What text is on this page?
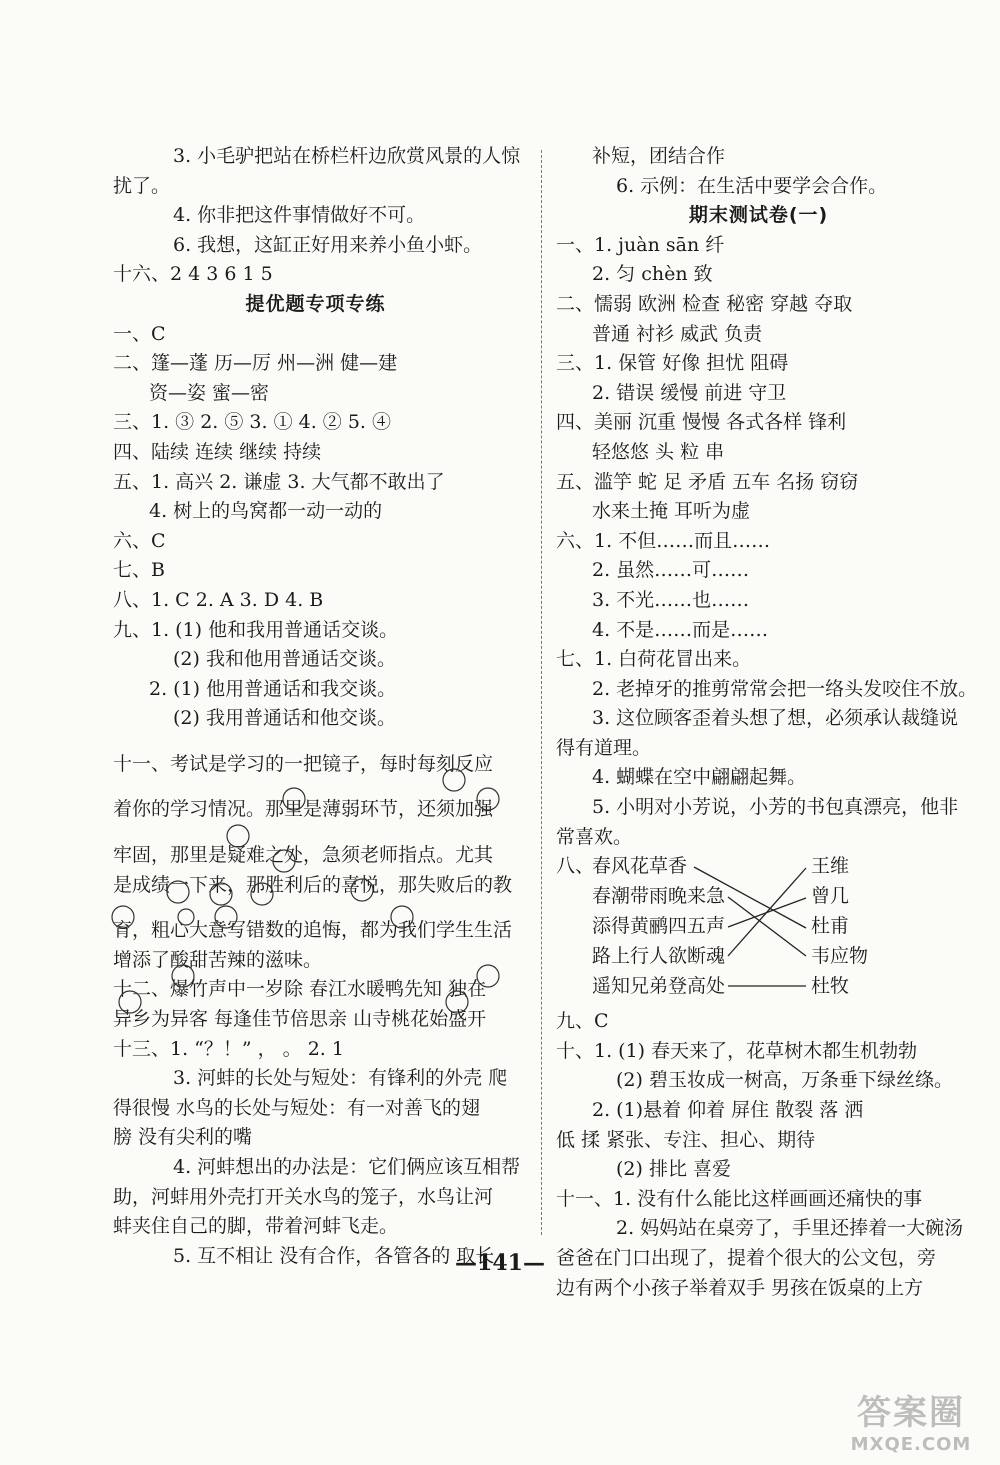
3. 小毛驴把站在桥栏杆边欣赏风景的人惊
扰了。
4. 你非把这件事情做好不可。
6. 我想，这缸正好用来养小鱼小虾。
十六、2 4 3 6 1 5
提优题专项专练
一、C
二、篷—蓬 历—厉 州—洲 健—建
资—姿 蜜—密
三、1. ③ 2. ⑤ 3. ① 4. ② 5. ④
四、陆续 连续 继续 持续
五、1. 高兴 2. 谦虚 3. 大气都不敢出了
4. 树上的鸟窝都一动一动的
六、C
七、B
八、1. C 2. A 3. D 4. B
九、1. (1) 他和我用普通话交谈。
(2) 我和他用普通话交谈。
2. (1) 他用普通话和我交谈。
(2) 我用普通话和他交谈。
十一、考试是学习的一把镜子，每时每刻反应
着你的学习情况。那里是薄弱环节，还须加强
牢固，那里是疑难之处，急须老师指点。尤其
是成绩一下来，那胜利后的喜悦，那失败后的教
育，粗心大意写错数的追悔，都为我们学生生活
增添了酸甜苦辣的滋味。
十二、爆竹声中一岁除 春江水暖鸭先知 独在
异乡为异客 每逢佳节倍思亲 山寺桃花始盛开
十三、1. “？！” ， 。 2. 1
3. 河蚌的长处与短处：有锋利的外壳 爬
得很慢 水鸟的长处与短处：有一对善飞的翅
膀 没有尖利的嘴
4. 河蚌想出的办法是：它们俩应该互相帮
助，河蚌用外壳打开关水鸟的笼子，水鸟让河
蚌夹住自己的脚，带着河蚌飞走。
5. 互不相让 没有合作，各管各的 取长
补短，团结合作
6. 示例：在生活中要学会合作。
期末测试卷(一)
一、1. juàn sān 纤
2. 匀 chèn 致
二、懦弱 欧洲 检查 秘密 穿越 夺取
普通 衬衫 威武 负责
三、1. 保管 好像 担忧 阻碍
2. 错误 缓慢 前进 守卫
四、美丽 沉重 慢慢 各式各样 锋利
轻悠悠 头 粒 串
五、滥竽 蛇 足 矛盾 五车 名扬 窃窃
水来土掩 耳听为虚
六、1. 不但……而且……
2. 虽然……可……
3. 不光……也……
4. 不是……而是……
七、1. 白荷花冒出来。
2. 老掉牙的推剪常常会把一络头发咬住不放。
3. 这位顾客歪着头想了想，必须承认裁缝说
得有道理。
4. 蝴蝶在空中翩翩起舞。
5. 小明对小芳说，小芳的书包真漂亮，他非
常喜欢。
八、
春风花草香
春潮带雨晚来急
添得黄鹂四五声
路上行人欲断魂
遥知兄弟登高处
王维
曾几
杜甫
韦应物
杜牧
九、C
十、1. (1) 春天来了，花草树木都生机勃勃
(2) 碧玉妆成一树高，万条垂下绿丝绦。
2. (1)悬着 仰着 屏住 散裂 落 洒
低 揉 紧张、专注、担心、期待
(2) 排比 喜爱
十一、1. 没有什么能比这样画画还痛快的事
2. 妈妈站在桌旁了，手里还捧着一大碗汤
爸爸在门口出现了，提着个很大的公文包，旁
边有两个小孩子举着双手 男孩在饭桌的上方
—141—
答案圈
MXQE.COM
